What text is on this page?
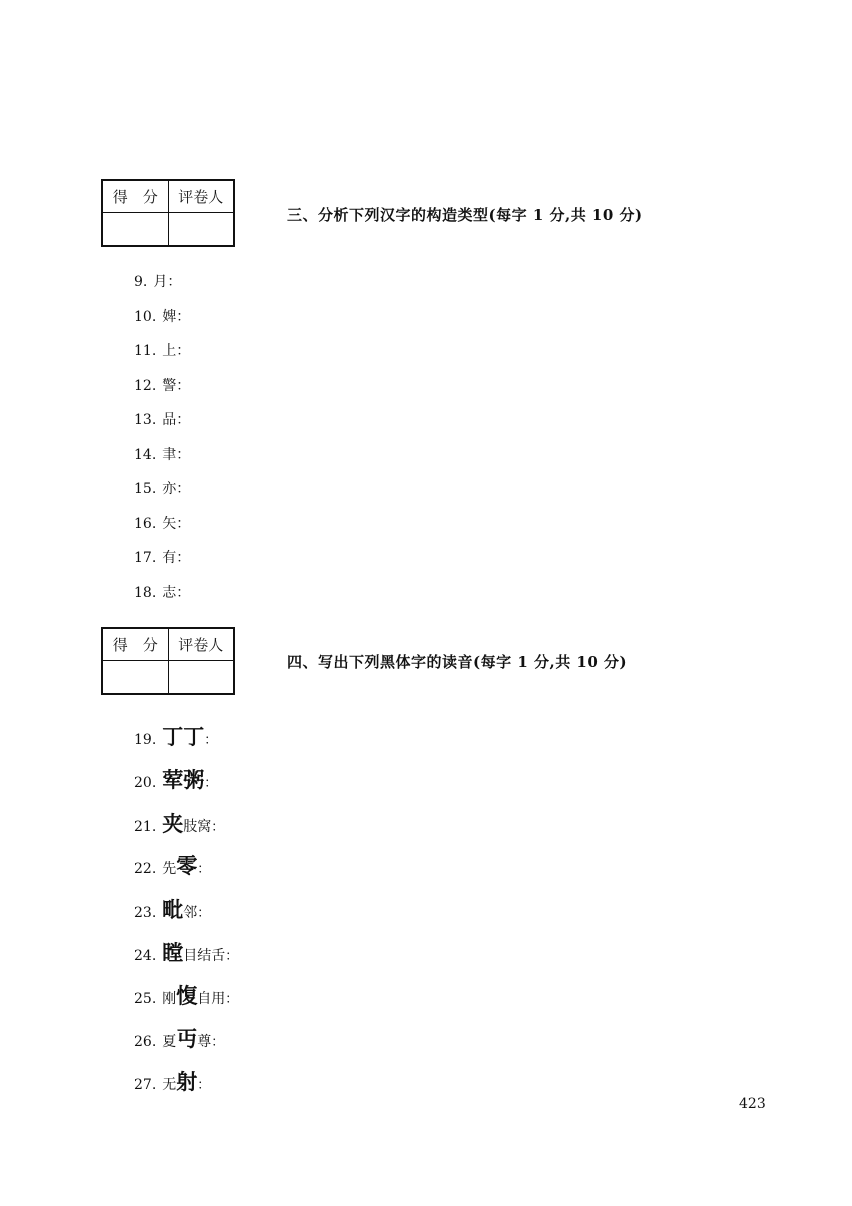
得　分	评卷人

三、分析下列汉字的构造类型(每字 1 分,共 10 分)
9. 月：
10. 婢：
11. 上：
12. 警：
13. 品：
14. 聿：
15. 亦：
16. 矢：
17. 有：
18. 志：
得　分	评卷人

四、写出下列黑体字的读音(每字 1 分,共 10 分)
19. 丁丁：
20. 荤粥：
21. 夹肢窝：
22. 先零：
23. 毗邻：
24. 瞠目结舌：
25. 刚愎自用：
26. 夏丏尊：
27. 无射：
423
